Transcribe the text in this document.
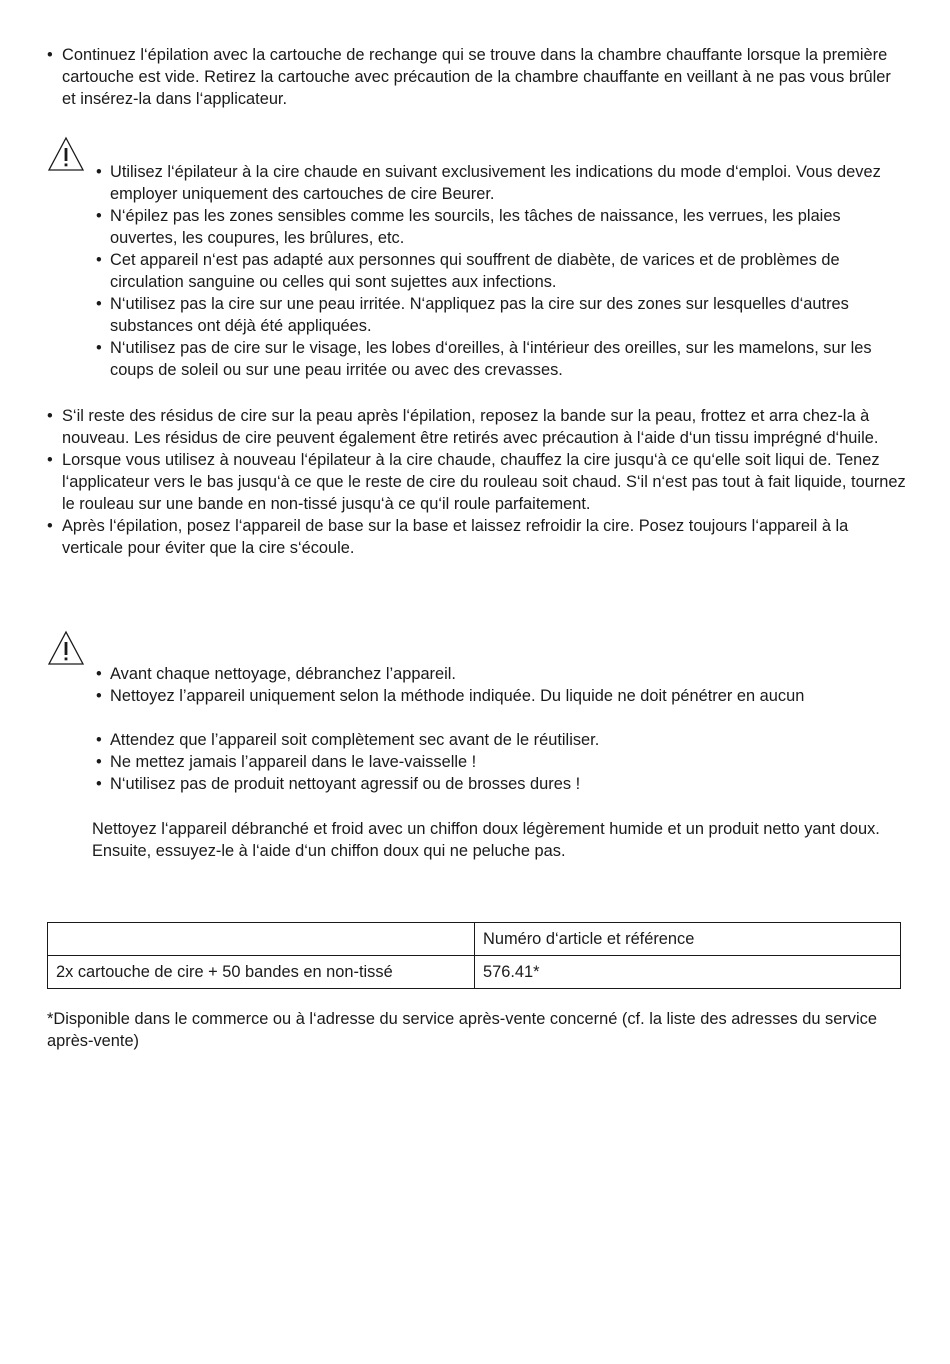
• Continuez l‘épilation avec la cartouche de rechange qui se trouve dans la chambre chauffante lorsque la première cartouche est vide. Retirez la cartouche avec précaution de la chambre chauffante en veillant à ne pas vous brûler et insérez-la dans l‘applicateur.
• Utilisez l‘épilateur à la cire chaude en suivant exclusivement les indications du mode d‘emploi. Vous devez employer uniquement des cartouches de cire Beurer.
• N‘épilez pas les zones sensibles comme les sourcils, les tâches de naissance, les verrues, les plaies ouvertes, les coupures, les brûlures, etc.
• Cet appareil n‘est pas adapté aux personnes qui souffrent de diabète, de varices et de problèmes de circulation sanguine ou celles qui sont sujettes aux infections.
• N‘utilisez pas la cire sur une peau irritée. N‘appliquez pas la cire sur des zones sur lesquelles d‘autres substances ont déjà été appliquées.
• N‘utilisez pas de cire sur le visage, les lobes d‘oreilles, à l‘intérieur des oreilles, sur les mamelons, sur les coups de soleil ou sur une peau irritée ou avec des crevasses.
• S‘il reste des résidus de cire sur la peau après l‘épilation, reposez la bande sur la peau, frottez et arra chez-la à nouveau. Les résidus de cire peuvent également être retirés avec précaution à l‘aide d‘un tissu imprégné d‘huile.
• Lorsque vous utilisez à nouveau l‘épilateur à la cire chaude, chauffez la cire jusqu‘à ce qu‘elle soit liqui de. Tenez l‘applicateur vers le bas jusqu‘à ce que le reste de cire du rouleau soit chaud. S‘il n‘est pas tout à fait liquide, tournez le rouleau sur une bande en non-tissé jusqu‘à ce qu‘il roule parfaitement.
• Après l‘épilation, posez l‘appareil de base sur la base et laissez refroidir la cire. Posez toujours l‘appareil à la verticale pour éviter que la cire s‘écoule.
• Avant chaque nettoyage, débranchez l’appareil.
• Nettoyez l’appareil uniquement selon la méthode indiquée. Du liquide ne doit pénétrer en aucun
• Attendez que l’appareil soit complètement sec avant de le réutiliser.
• Ne mettez jamais l’appareil dans le lave-vaisselle !
• N‘utilisez pas de produit nettoyant agressif ou de brosses dures !

Nettoyez l‘appareil débranché et froid avec un chiffon doux légèrement humide et un produit netto yant doux. Ensuite, essuyez-le à l‘aide d‘un chiffon doux qui ne peluche pas.

	Numéro d‘article et référence
2x cartouche de cire + 50 bandes en non-tissé	576.41*

*Disponible dans le commerce ou à l‘adresse du service après-vente concerné (cf. la liste des adresses du service après-vente)
